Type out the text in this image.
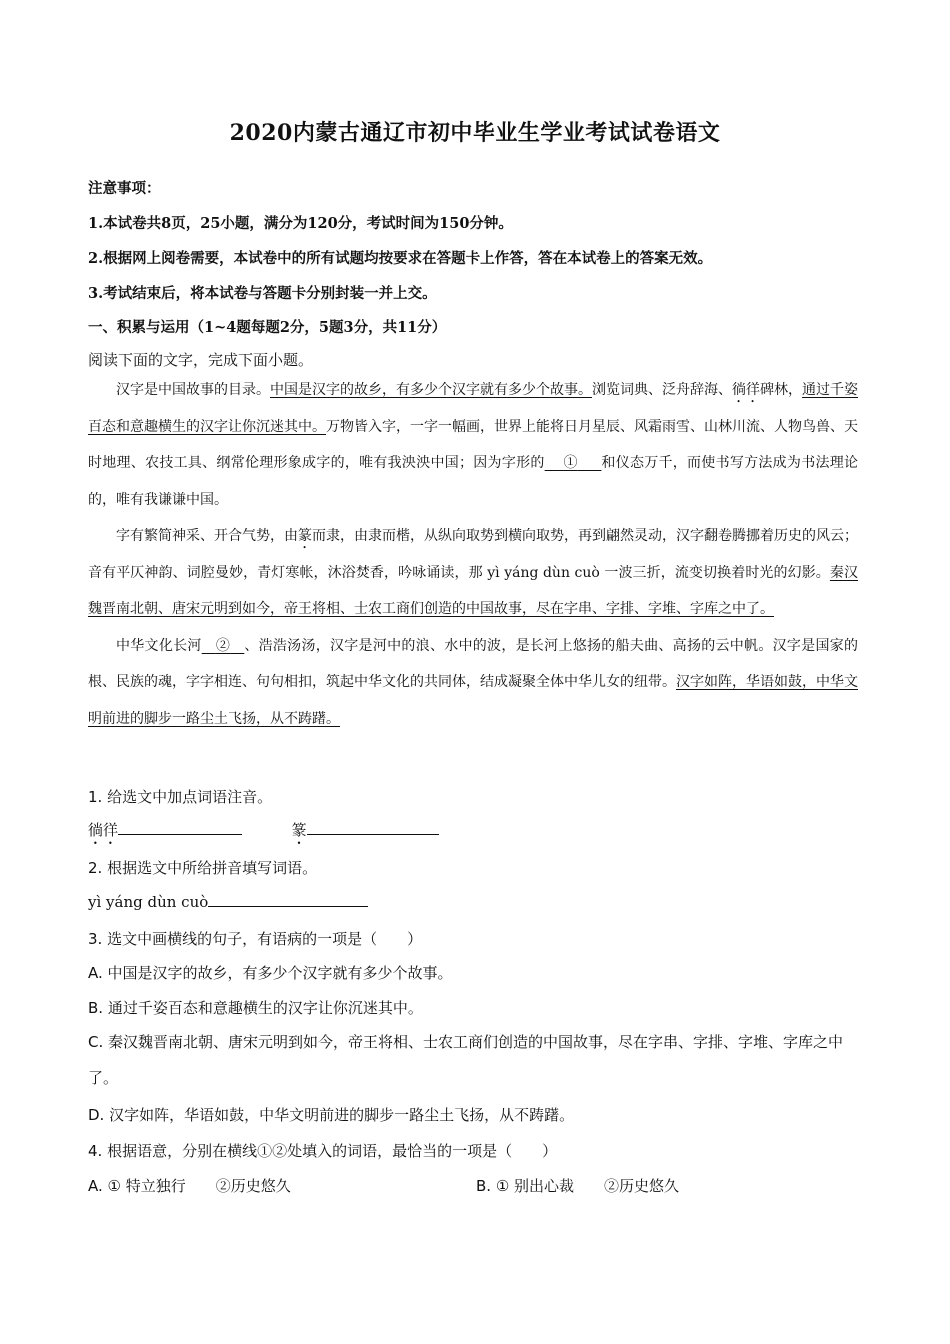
2020内蒙古通辽市初中毕业生学业考试试卷语文
注意事项：
1.本试卷共8页，25小题，满分为120分，考试时间为150分钟。
2.根据网上阅卷需要，本试卷中的所有试题均按要求在答题卡上作答，答在本试卷上的答案无效。
3.考试结束后，将本试卷与答题卡分别封装一并上交。
一、积累与运用（1~4题每题2分，5题3分，共11分）
阅读下面的文字，完成下面小题。

汉字是中国故事的目录。中国是汉字的故乡，有多少个汉字就有多少个故事。浏览词典、泛舟辞海、徜徉碑林，通过千姿百态和意趣横生的汉字让你沉迷其中。万物皆入字，一字一幅画，世界上能将日月星辰、风霜雨雪、山林川流、人物鸟兽、天时地理、农技工具、纲常伦理形象成字的，唯有我泱泱中国；因为字形的 ① 和仪态万千，而使书写方法成为书法理论的，唯有我谦谦中国。

字有繁简神采、开合气势，由篆而隶，由隶而楷，从纵向取势到横向取势，再到翩然灵动，汉字翻卷腾挪着历史的风云；音有平仄神韵、词腔曼妙，青灯寒帐，沐浴焚香，吟咏诵读，那 yì yáng dùn cuò 一波三折，流变切换着时光的幻影。秦汉魏晋南北朝、唐宋元明到如今，帝王将相、士农工商们创造的中国故事，尽在字串、字排、字堆、字库之中了。

中华文化长河 ② 、浩浩汤汤，汉字是河中的浪、水中的波，是长河上悠扬的船夫曲、高扬的云中帆。汉字是国家的根、民族的魂，字字相连、句句相扣，筑起中华文化的共同体，结成凝聚全体中华儿女的纽带。汉字如阵，华语如鼓，中华文明前进的脚步一路尘土飞扬，从不踌躇。

1. 给选文中加点词语注音。
徜徉	篆
2. 根据选文中所给拼音填写词语。
yì yáng dùn cuò
3. 选文中画横线的句子，有语病的一项是（　　）
A. 中国是汉字的故乡，有多少个汉字就有多少个故事。
B. 通过千姿百态和意趣横生的汉字让你沉迷其中。
C. 秦汉魏晋南北朝、唐宋元明到如今，帝王将相、士农工商们创造的中国故事，尽在字串、字排、字堆、字库之中了。
D. 汉字如阵，华语如鼓，中华文明前进的脚步一路尘土飞扬，从不踌躇。
4. 根据语意，分别在横线①②处填入的词语，最恰当的一项是（　　）
A. ① 特立独行　　②历史悠久	B. ① 别出心裁　　②历史悠久
